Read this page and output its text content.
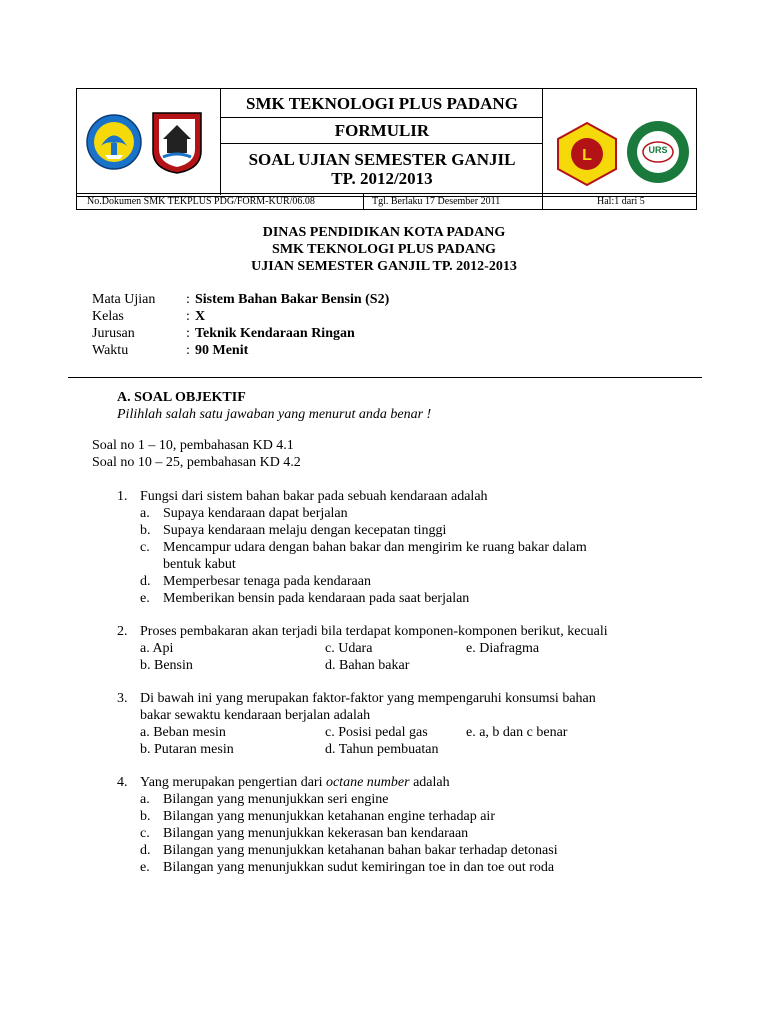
L	URS
SMK TEKNOLOGI PLUS PADANG
FORMULIR
SOAL UJIAN SEMESTER GANJIL
TP. 2012/2013
No.Dokumen SMK TEKPLUS PDG/FORM-KUR/06.08	Tgl. Berlaku 17 Desember 2011	Hal:1 dari 5
DINAS PENDIDIKAN KOTA PADANG
SMK TEKNOLOGI PLUS PADANG
UJIAN SEMESTER GANJIL TP. 2012-2013
Mata Ujian : Sistem Bahan Bakar Bensin (S2)
Kelas	: X
Jurusan	: Teknik Kendaraan Ringan
Waktu	: 90 Menit
A. SOAL OBJEKTIF
Pilihlah salah satu jawaban yang menurut anda benar !
Soal no 1 – 10, pembahasan KD 4.1
Soal no 10 – 25, pembahasan KD 4.2
1. Fungsi dari sistem bahan bakar pada sebuah kendaraan adalah
a. Supaya kendaraan dapat berjalan
b. Supaya kendaraan melaju dengan kecepatan tinggi
c. Mencampur udara dengan bahan bakar dan mengirim ke ruang bakar dalam
bentuk kabut
d. Memperbesar tenaga pada kendaraan
e. Memberikan bensin pada kendaraan pada saat berjalan
2. Proses pembakaran akan terjadi bila terdapat komponen-komponen berikut, kecuali
a. Api	c. Udara	e. Diafragma
b. Bensin	d. Bahan bakar
3. Di bawah ini yang merupakan faktor-faktor yang mempengaruhi konsumsi bahan
bakar sewaktu kendaraan berjalan adalah
a. Beban mesin	c. Posisi pedal gas	e. a, b dan c benar
b. Putaran mesin	d. Tahun pembuatan
4. Yang merupakan pengertian dari octane number adalah
a. Bilangan yang menunjukkan seri engine
b. Bilangan yang menunjukkan ketahanan engine terhadap air
c. Bilangan yang menunjukkan kekerasan ban kendaraan
d. Bilangan yang menunjukkan ketahanan bahan bakar terhadap detonasi
e. Bilangan yang menunjukkan sudut kemiringan toe in dan toe out roda
